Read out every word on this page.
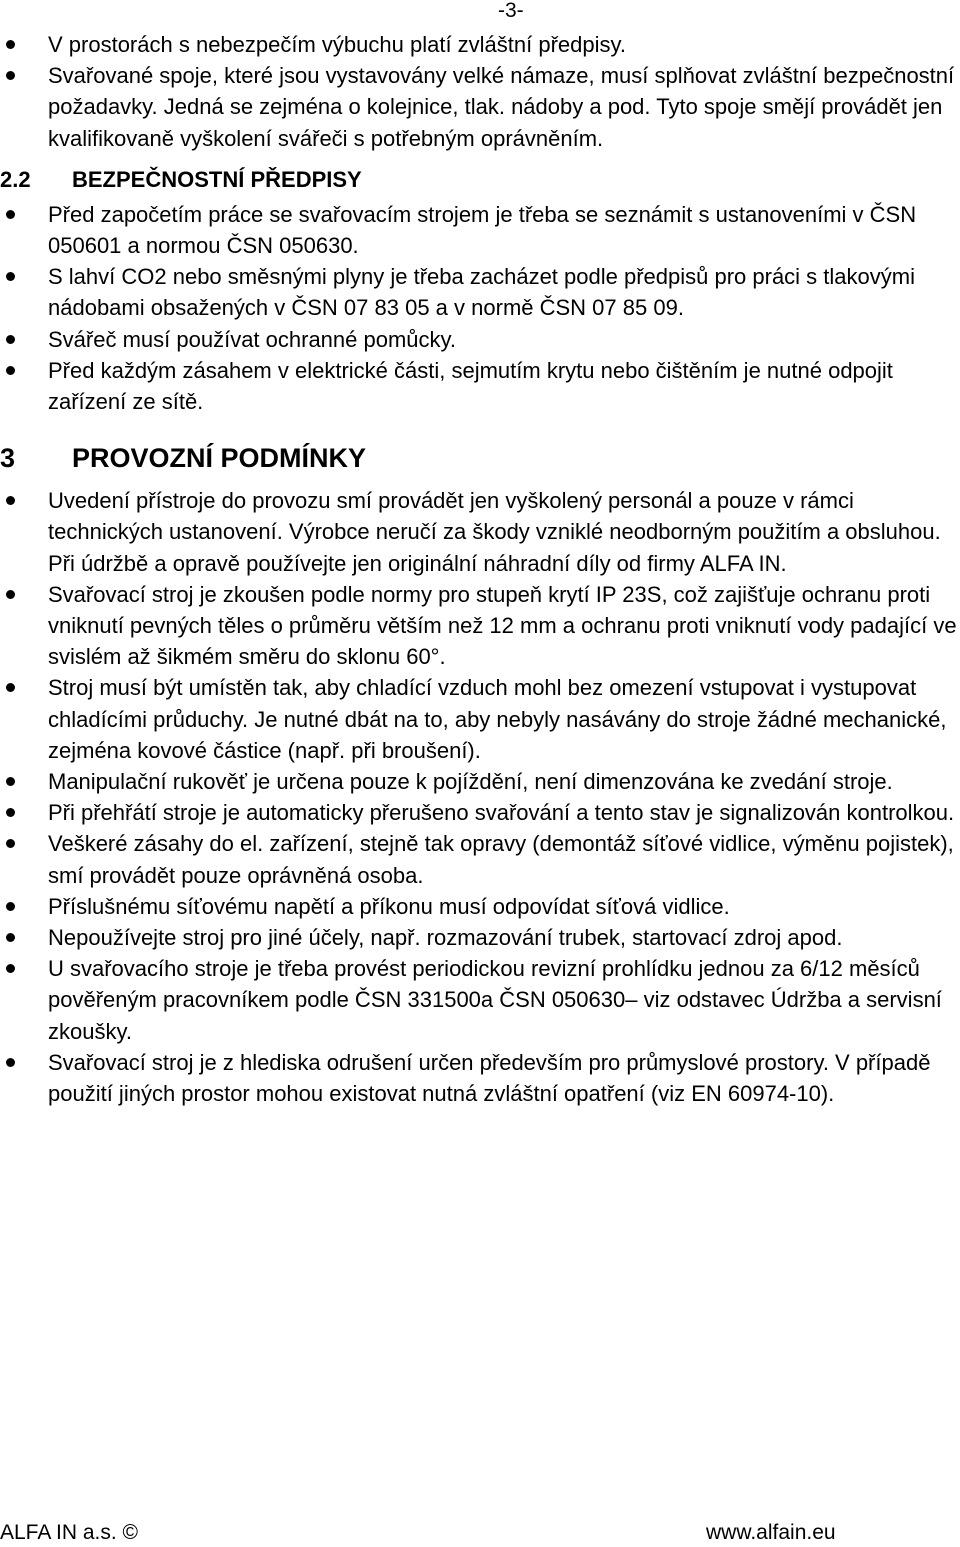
-3-
V prostorách s nebezpečím výbuchu platí zvláštní předpisy.
Svařované spoje, které jsou vystavovány velké námaze, musí splňovat zvláštní bezpečnostní požadavky. Jedná se zejména o kolejnice, tlak. nádoby a pod. Tyto spoje smějí provádět jen kvalifikovaně vyškolení svářeči s potřebným oprávněním.
2.2	BEZPEČNOSTNÍ PŘEDPISY
Před započetím práce se svařovacím strojem je třeba se seznámit s ustanoveními v ČSN 050601 a normou ČSN 050630.
S lahví CO2 nebo směsnými plyny je třeba zacházet podle předpisů pro práci s tlakovými nádobami obsažených v ČSN 07 83 05 a v normě ČSN 07 85 09.
Svářeč musí používat ochranné pomůcky.
Před každým zásahem v elektrické části, sejmutím krytu nebo čištěním je nutné odpojit zařízení ze sítě.
3	PROVOZNÍ PODMÍNKY
Uvedení přístroje do provozu smí provádět jen vyškolený personál a pouze v rámci technických ustanovení. Výrobce neručí za škody vzniklé neodborným použitím a obsluhou. Při údržbě a opravě používejte jen originální náhradní díly od firmy ALFA IN.
Svařovací stroj je zkoušen podle normy pro stupeň krytí IP 23S, což zajišťuje ochranu proti vniknutí pevných těles o průměru větším než 12 mm a ochranu proti vniknutí vody padající ve svislém až šikmém směru do sklonu 60°.
Stroj musí být umístěn tak, aby chladící vzduch mohl bez omezení vstupovat i vystupovat chladícími průduchy. Je nutné dbát na to, aby nebyly nasávány do stroje žádné mechanické, zejména kovové částice (např. při broušení).
Manipulační rukověť je určena pouze k pojíždění, není dimenzována ke zvedání stroje.
Při přehřátí stroje je automaticky přerušeno svařování a tento stav je signalizován kontrolkou.
Veškeré zásahy do el. zařízení, stejně tak opravy (demontáž síťové vidlice, výměnu pojistek), smí provádět pouze oprávněná osoba.
Příslušnému síťovému napětí a příkonu musí odpovídat síťová vidlice.
Nepoužívejte stroj pro jiné účely, např. rozmazování trubek, startovací zdroj apod.
U svařovacího stroje je třeba provést periodickou revizní prohlídku jednou za 6/12 měsíců pověřeným pracovníkem podle ČSN 331500a ČSN 050630– viz odstavec Údržba a servisní zkoušky.
Svařovací stroj je z hlediska odrušení určen především pro průmyslové prostory. V případě použití jiných prostor mohou existovat nutná zvláštní opatření (viz EN 60974-10).
ALFA IN a.s. ©	www.alfain.eu
